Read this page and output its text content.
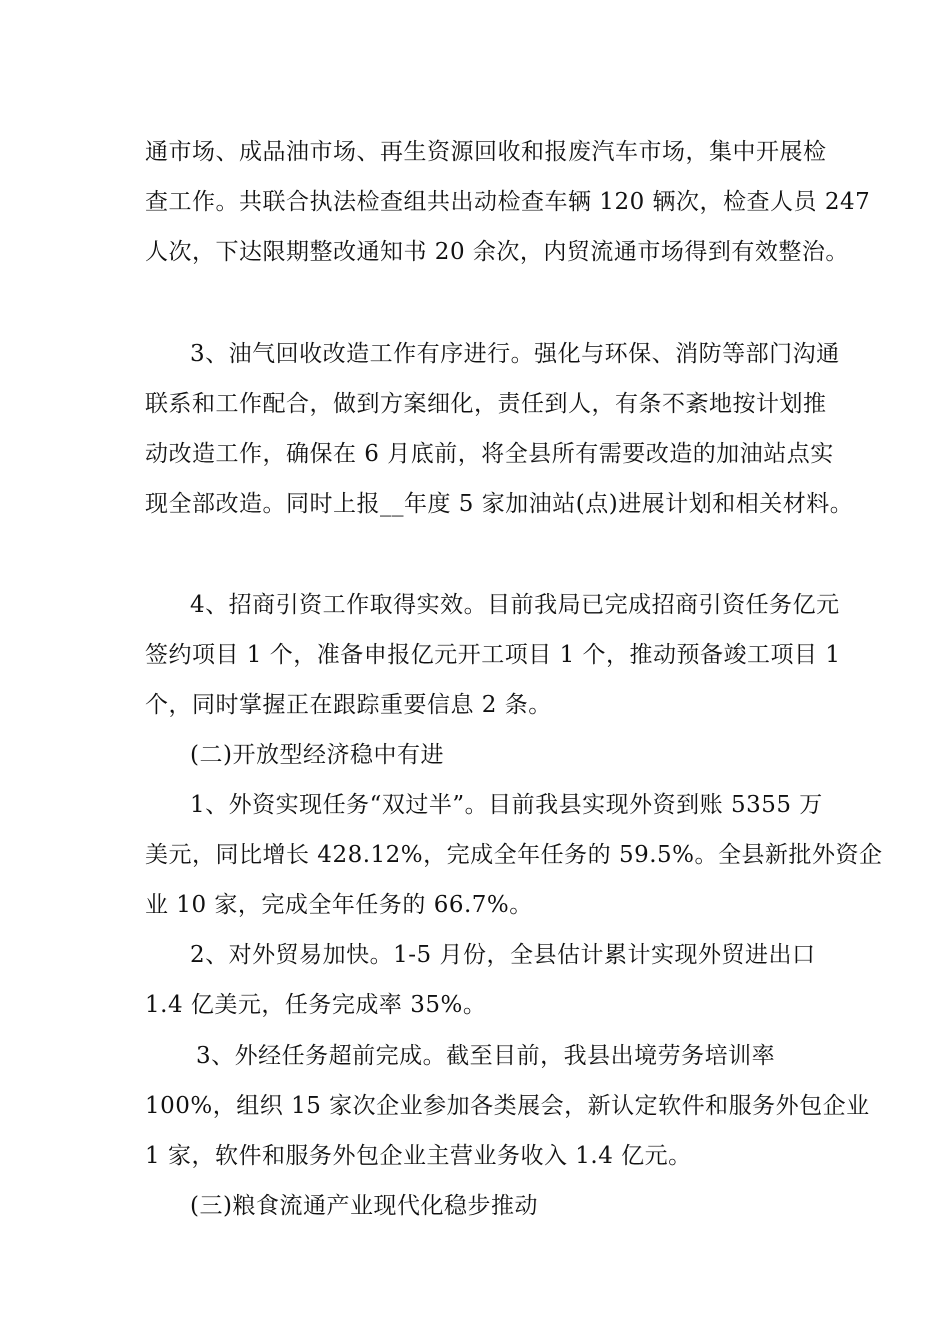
通市场、成品油市场、再生资源回收和报废汽车市场，集中开展检
查工作。共联合执法检查组共出动检查车辆 120 辆次，检查人员 247
人次，下达限期整改通知书 20 余次，内贸流通市场得到有效整治。
3、油气回收改造工作有序进行。强化与环保、消防等部门沟通
联系和工作配合，做到方案细化，责任到人，有条不紊地按计划推
动改造工作，确保在 6 月底前，将全县所有需要改造的加油站点实
现全部改造。同时上报__年度 5 家加油站(点)进展计划和相关材料。
4、招商引资工作取得实效。目前我局已完成招商引资任务亿元
签约项目 1 个，准备申报亿元开工项目 1 个，推动预备竣工项目 1
个，同时掌握正在跟踪重要信息 2 条。
(二)开放型经济稳中有进
1、外资实现任务“双过半”。目前我县实现外资到账 5355 万
美元，同比增长 428.12%，完成全年任务的 59.5%。全县新批外资企
业 10 家，完成全年任务的 66.7%。
2、对外贸易加快。1-5 月份，全县估计累计实现外贸进出口
1.4 亿美元，任务完成率 35%。
3、外经任务超前完成。截至目前，我县出境劳务培训率
100%，组织 15 家次企业参加各类展会，新认定软件和服务外包企业
1 家，软件和服务外包企业主营业务收入 1.4 亿元。
(三)粮食流通产业现代化稳步推动
